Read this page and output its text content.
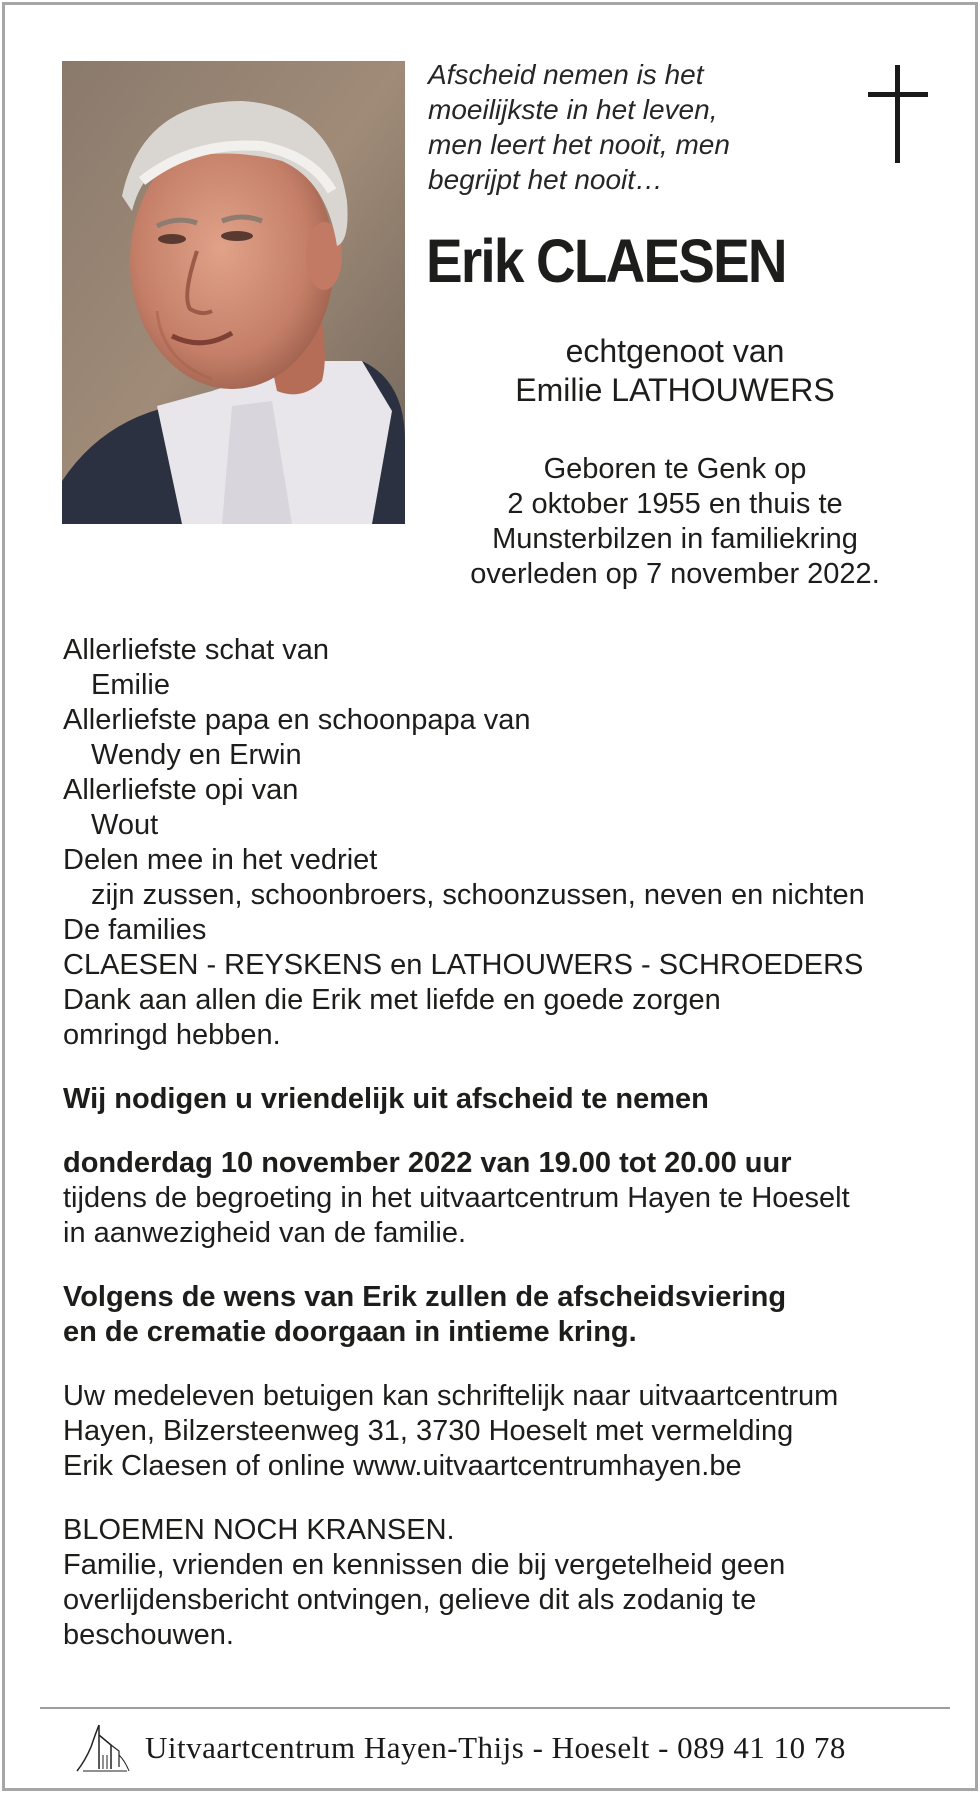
Afscheid nemen is het
moeilijkste in het leven,
men leert het nooit, men
begrijpt het nooit…
Erik CLAESEN
echtgenoot van
Emilie LATHOUWERS
Geboren te Genk op
2 oktober 1955 en thuis te
Munsterbilzen in familiekring
overleden op 7 november 2022.
Allerliefste schat van
Emilie
Allerliefste papa en schoonpapa van
Wendy en Erwin
Allerliefste opi van
Wout
Delen mee in het vedriet
zijn zussen, schoonbroers, schoonzussen, neven en nichten
De families
CLAESEN - REYSKENS en LATHOUWERS - SCHROEDERS
Dank aan allen die Erik met liefde en goede zorgen
omringd hebben.
Wij nodigen u vriendelijk uit afscheid te nemen
donderdag 10 november 2022 van 19.00 tot 20.00 uur
tijdens de begroeting in het uitvaartcentrum Hayen te Hoeselt
in aanwezigheid van de familie.
Volgens de wens van Erik zullen de afscheidsviering
en de crematie doorgaan in intieme kring.
Uw medeleven betuigen kan schriftelijk naar uitvaartcentrum
Hayen, Bilzersteenweg 31, 3730 Hoeselt met vermelding
Erik Claesen of online www.uitvaartcentrumhayen.be
BLOEMEN NOCH KRANSEN.
Familie, vrienden en kennissen die bij vergetelheid geen
overlijdensbericht ontvingen, gelieve dit als zodanig te
beschouwen.
Uitvaartcentrum Hayen-Thijs - Hoeselt - 089 41 10 78
